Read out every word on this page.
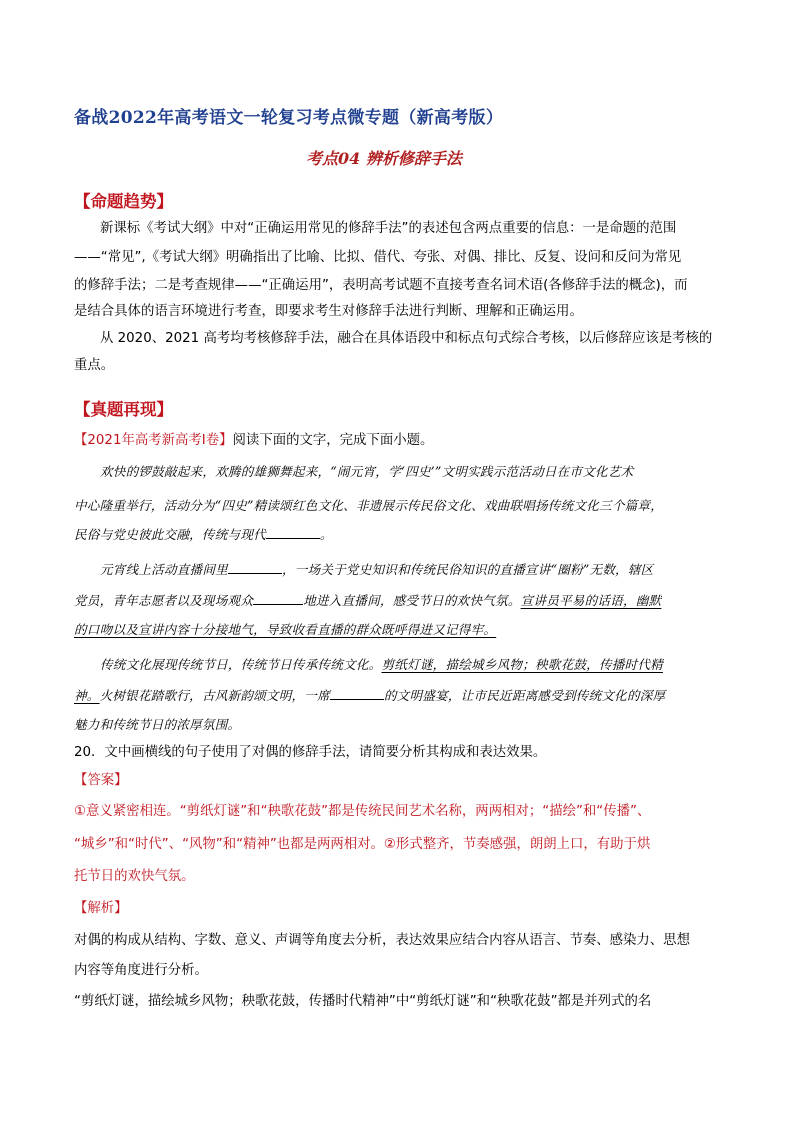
备战2022年高考语文一轮复习考点微专题（新高考版）
考点04 辨析修辞手法
【命题趋势】
新课标《考试大纲》中对“正确运用常见的修辞手法”的表述包含两点重要的信息：一是命题的范围
——“常见”,《考试大纲》明确指出了比喻、比拟、借代、夸张、对偶、排比、反复、设问和反问为常见
的修辞手法；二是考查规律——“正确运用”，表明高考试题不直接考查名词术语(各修辞手法的概念)，而
是结合具体的语言环境进行考查，即要求考生对修辞手法进行判断、理解和正确运用。
从 2020、2021 高考均考核修辞手法，融合在具体语段中和标点句式综合考核，以后修辞应该是考核的
重点。
【真题再现】
【2021年高考新高考Ⅰ卷】阅读下面的文字，完成下面小题。
欢快的锣鼓敲起来，欢腾的雄狮舞起来，“闹元宵，学‘四史’”文明实践示范活动日在市文化艺术
中心隆重举行，活动分为“四史”精读颂红色文化、非遗展示传民俗文化、戏曲联唱扬传统文化三个篇章，
民俗与党史彼此交融，传统与现代	。
元宵线上活动直播间里	，一场关于党史知识和传统民俗知识的直播宣讲“圈粉”无数，辖区
党员，青年志愿者以及现场观众	地进入直播间，感受节日的欢快气氛。宣讲员平易的话语，幽默
的口吻以及宣讲内容十分接地气，导致收看直播的群众既呼得进又记得牢。
传统文化展现传统节日，传统节日传承传统文化。剪纸灯谜，描绘城乡风物；秧歌花鼓，传播时代精
神。火树银花踏歌行，古风新韵颂文明，一席	的文明盛宴，让市民近距离感受到传统文化的深厚
魅力和传统节日的浓厚氛围。
20．文中画横线的句子使用了对偶的修辞手法，请简要分析其构成和表达效果。
【答案】
①意义紧密相连。“剪纸灯谜”和“秧歌花鼓”都是传统民间艺术名称，两两相对；“描绘”和“传播”、
“城乡”和“时代”、“风物”和“精神”也都是两两相对。②形式整齐，节奏感强，朗朗上口，有助于烘
托节日的欢快气氛。
【解析】
对偶的构成从结构、字数、意义、声调等角度去分析，表达效果应结合内容从语言、节奏、感染力、思想
内容等角度进行分析。
“剪纸灯谜，描绘城乡风物；秧歌花鼓，传播时代精神”中“剪纸灯谜”和“秧歌花鼓”都是并列式的名
